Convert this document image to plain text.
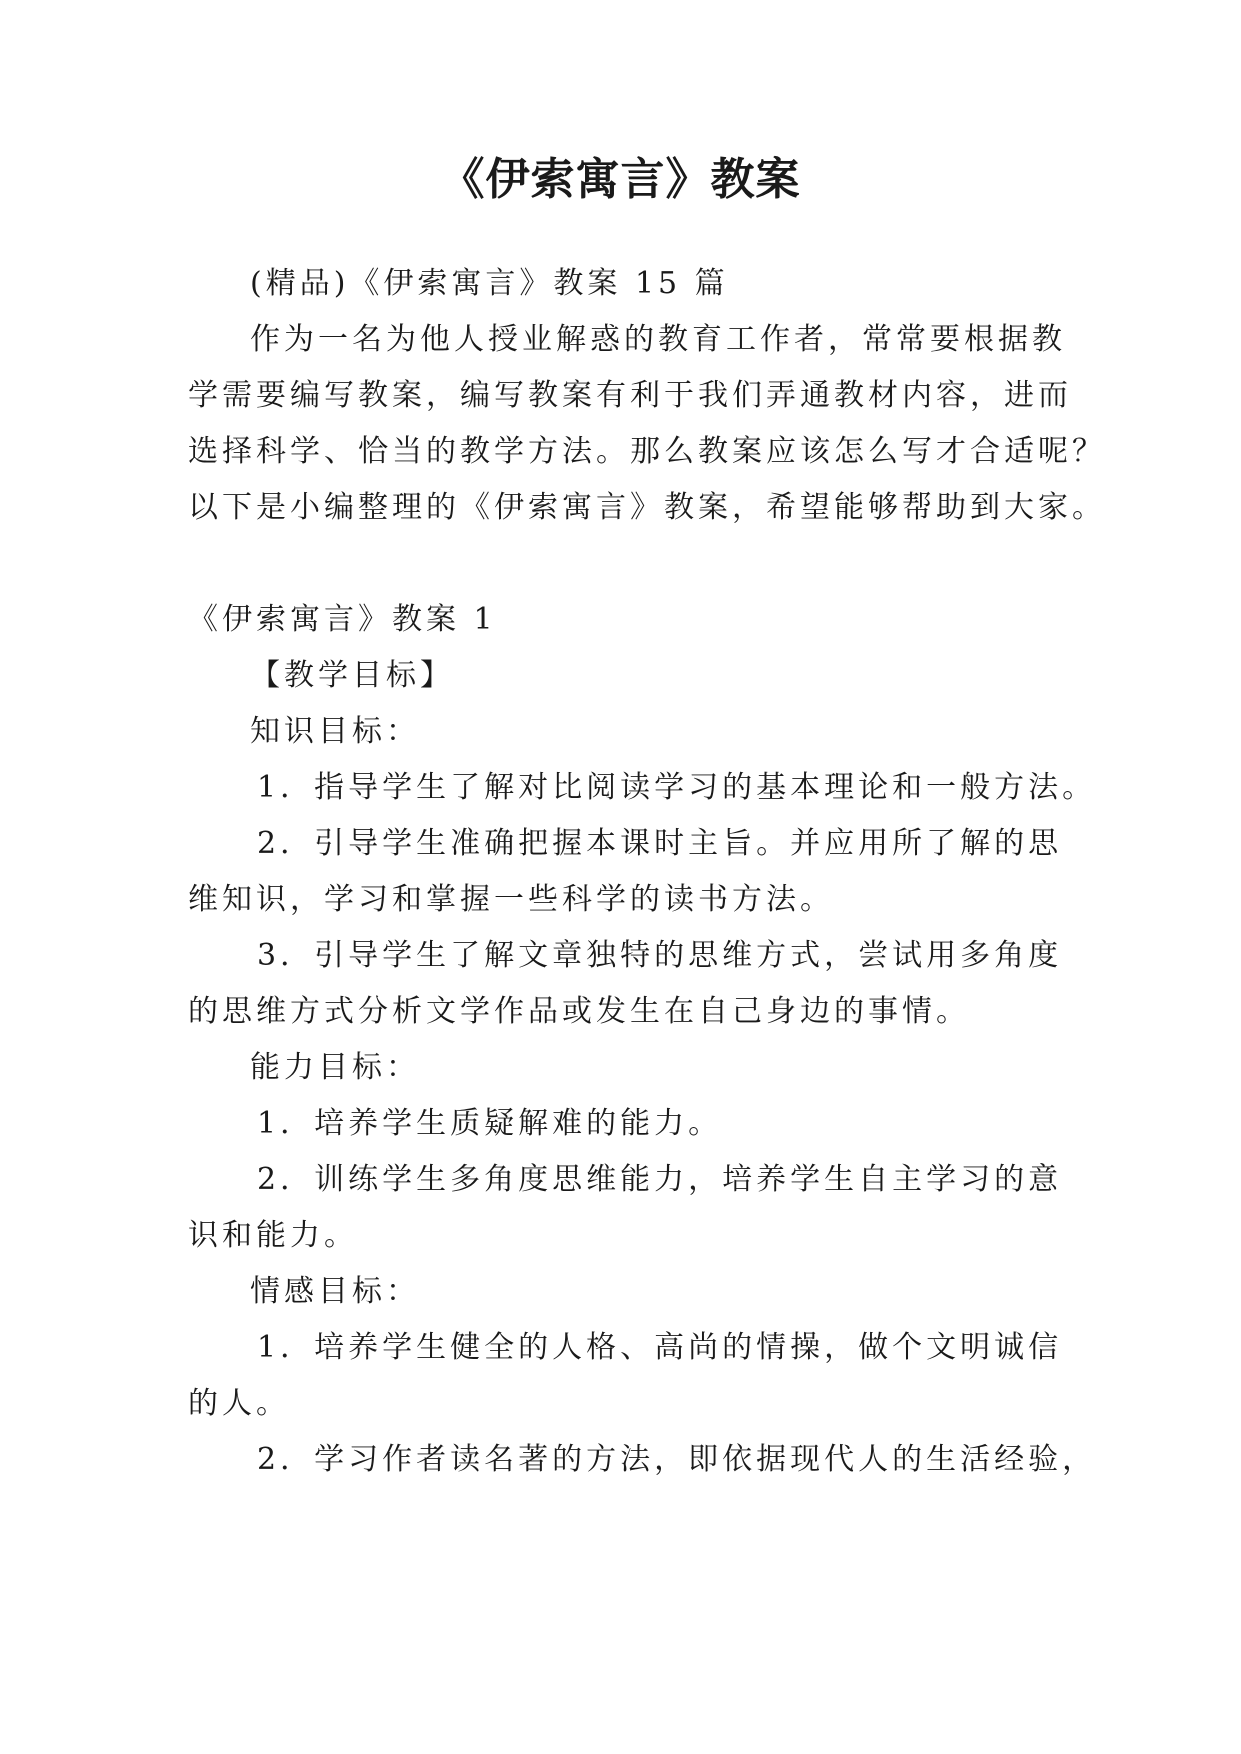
《伊索寓言》教案
(精品)《伊索寓言》教案 15 篇
作为一名为他人授业解惑的教育工作者，常常要根据教
学需要编写教案，编写教案有利于我们弄通教材内容，进而
选择科学、恰当的教学方法。那么教案应该怎么写才合适呢？
以下是小编整理的《伊索寓言》教案，希望能够帮助到大家。
《伊索寓言》教案 1
【教学目标】
知识目标：
1．指导学生了解对比阅读学习的基本理论和一般方法。
2．引导学生准确把握本课时主旨。并应用所了解的思
维知识，学习和掌握一些科学的读书方法。
3．引导学生了解文章独特的思维方式，尝试用多角度
的思维方式分析文学作品或发生在自己身边的事情。
能力目标：
1．培养学生质疑解难的能力。
2．训练学生多角度思维能力，培养学生自主学习的意
识和能力。
情感目标：
1．培养学生健全的人格、高尚的情操，做个文明诚信
的人。
2．学习作者读名著的方法，即依据现代人的生活经验，
